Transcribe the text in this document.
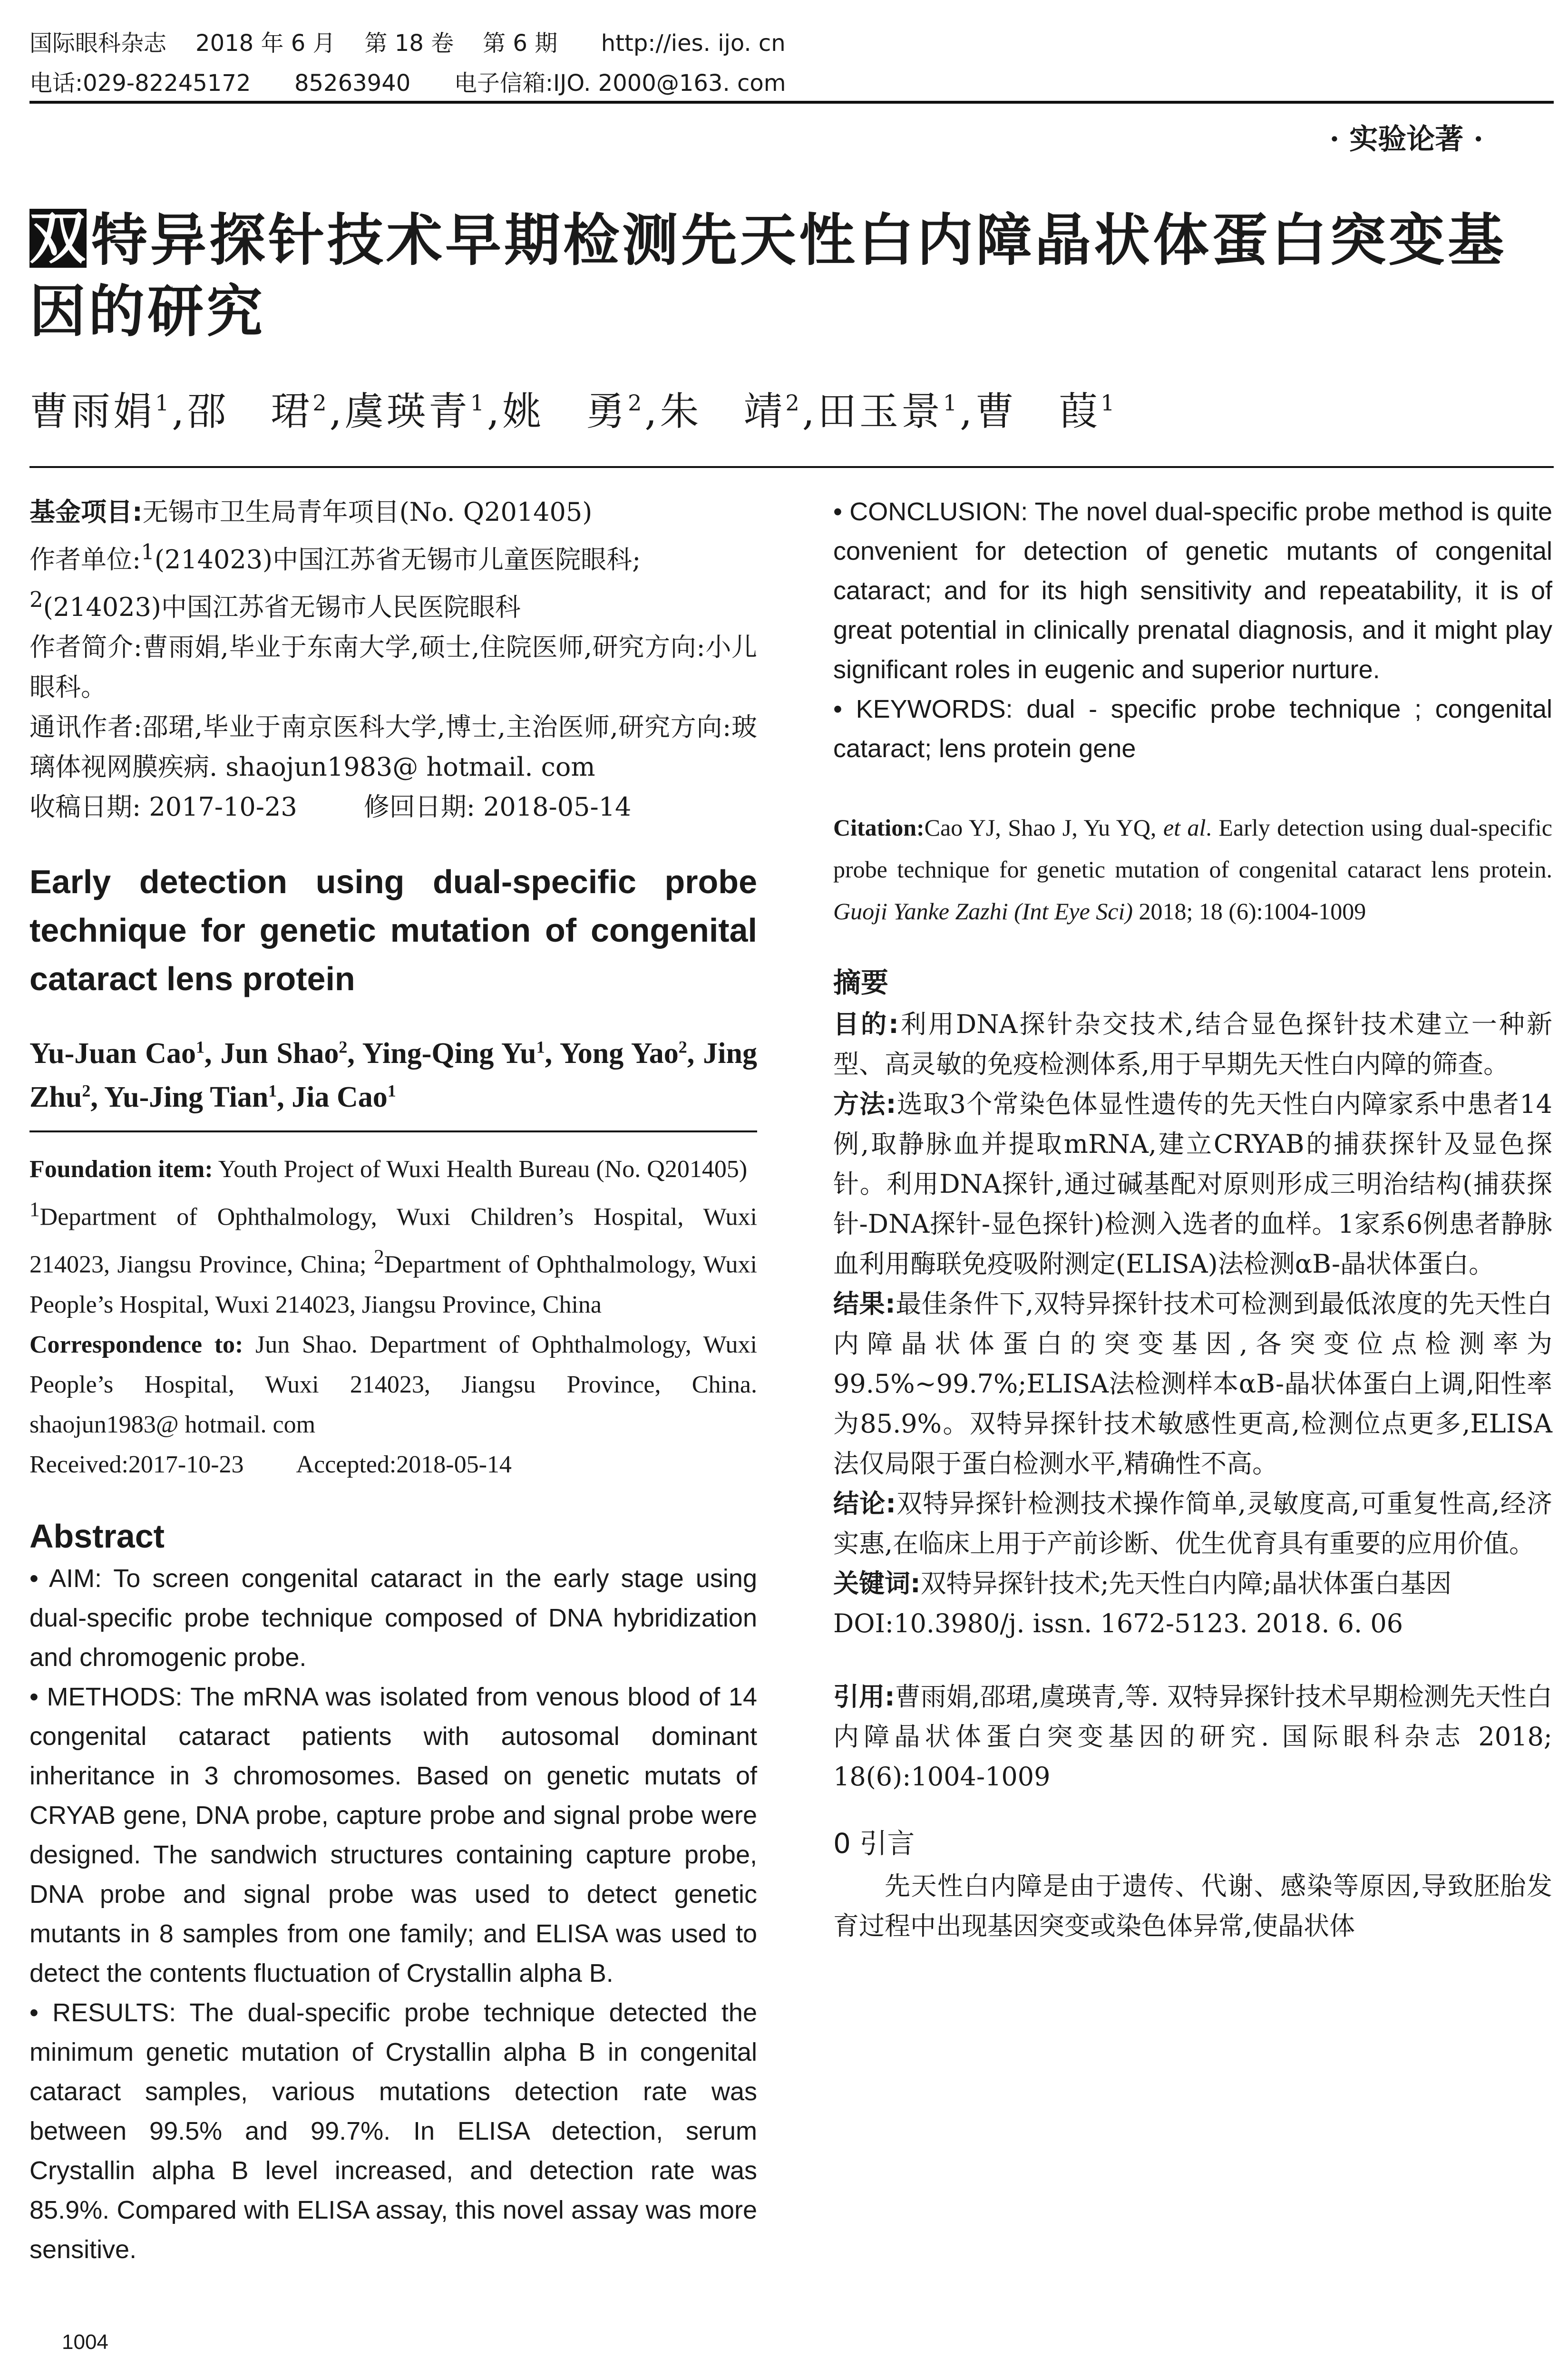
国际眼科杂志    2018 年 6 月    第 18 卷    第 6 期      http://ies. ijo. cn
电话:029-82245172      85263940      电子信箱:IJO. 2000@163. com
· 实验论著 ·
双特异探针技术早期检测先天性白内障晶状体蛋白突变基因的研究
曹雨娟$^1$,邵　珺$^2$,虞瑛青$^1$,姚　勇$^2$,朱　靖$^2$,田玉景$^1$,曹　葭$^1$
基金项目:无锡市卫生局青年项目(No. Q201405)
作者单位:$^1$(214023)中国江苏省无锡市儿童医院眼科;
$^2$(214023)中国江苏省无锡市人民医院眼科
作者简介:曹雨娟,毕业于东南大学,硕士,住院医师,研究方向:小儿眼科。
通讯作者:邵珺,毕业于南京医科大学,博士,主治医师,研究方向:玻璃体视网膜疾病. shaojun1983@ hotmail. com
收稿日期: 2017-10-23	修回日期: 2018-05-14
Early detection using dual-specific probe technique for genetic mutation of congenital cataract lens protein
Yu-Juan Cao$^1$, Jun Shao$^2$, Ying-Qing Yu$^1$, Yong Yao$^2$, Jing Zhu$^2$, Yu-Jing Tian$^1$, Jia Cao$^1$
Foundation item: Youth Project of Wuxi Health Bureau (No. Q201405)
$^1$Department of Ophthalmology, Wuxi Children’s Hospital, Wuxi 214023, Jiangsu Province, China; $^2$Department of Ophthalmology, Wuxi People’s Hospital, Wuxi 214023, Jiangsu Province, China
Correspondence to: Jun Shao. Department of Ophthalmology, Wuxi People’s Hospital, Wuxi 214023, Jiangsu Province, China. shaojun1983@ hotmail. com
Received:2017-10-23 Accepted:2018-05-14
Abstract
• AIM: To screen congenital cataract in the early stage using dual-specific probe technique composed of DNA hybridization and chromogenic probe.
• METHODS: The mRNA was isolated from venous blood of 14 congenital cataract patients with autosomal dominant inheritance in 3 chromosomes. Based on genetic mutats of CRYAB gene, DNA probe, capture probe and signal probe were designed. The sandwich structures containing capture probe, DNA probe and signal probe was used to detect genetic mutants in 8 samples from one family; and ELISA was used to detect the contents fluctuation of Crystallin alpha B.
• RESULTS: The dual-specific probe technique detected the minimum genetic mutation of Crystallin alpha B in congenital cataract samples, various mutations detection rate was between 99.5% and 99.7%. In ELISA detection, serum Crystallin alpha B level increased, and detection rate was 85.9%. Compared with ELISA assay, this novel assay was more sensitive.
• CONCLUSION: The novel dual-specific probe method is quite convenient for detection of genetic mutants of congenital cataract; and for its high sensitivity and repeatability, it is of great potential in clinically prenatal diagnosis, and it might play significant roles in eugenic and superior nurture.
• KEYWORDS: dual - specific probe technique ; congenital cataract; lens protein gene
Citation:Cao YJ, Shao J, Yu YQ, et al. Early detection using dual-specific probe technique for genetic mutation of congenital cataract lens protein. Guoji Yanke Zazhi (Int Eye Sci) 2018; 18 (6):1004-1009
摘要
目的:利用DNA探针杂交技术,结合显色探针技术建立一种新型、高灵敏的免疫检测体系,用于早期先天性白内障的筛查。
方法:选取3个常染色体显性遗传的先天性白内障家系中患者14例,取静脉血并提取mRNA,建立CRYAB的捕获探针及显色探针。利用DNA探针,通过碱基配对原则形成三明治结构(捕获探针-DNA探针-显色探针)检测入选者的血样。1家系6例患者静脉血利用酶联免疫吸附测定(ELISA)法检测αB-晶状体蛋白。
结果:最佳条件下,双特异探针技术可检测到最低浓度的先天性白内障晶状体蛋白的突变基因,各突变位点检测率为99.5%~99.7%;ELISA法检测样本αB-晶状体蛋白上调,阳性率为85.9%。双特异探针技术敏感性更高,检测位点更多,ELISA法仅局限于蛋白检测水平,精确性不高。
结论:双特异探针检测技术操作简单,灵敏度高,可重复性高,经济实惠,在临床上用于产前诊断、优生优育具有重要的应用价值。
关键词:双特异探针技术;先天性白内障;晶状体蛋白基因
DOI:10.3980/j. issn. 1672-5123. 2018. 6. 06
引用:曹雨娟,邵珺,虞瑛青,等. 双特异探针技术早期检测先天性白内障晶状体蛋白突变基因的研究. 国际眼科杂志 2018; 18(6):1004-1009
0 引言
先天性白内障是由于遗传、代谢、感染等原因,导致胚胎发育过程中出现基因突变或染色体异常,使晶状体
1004
